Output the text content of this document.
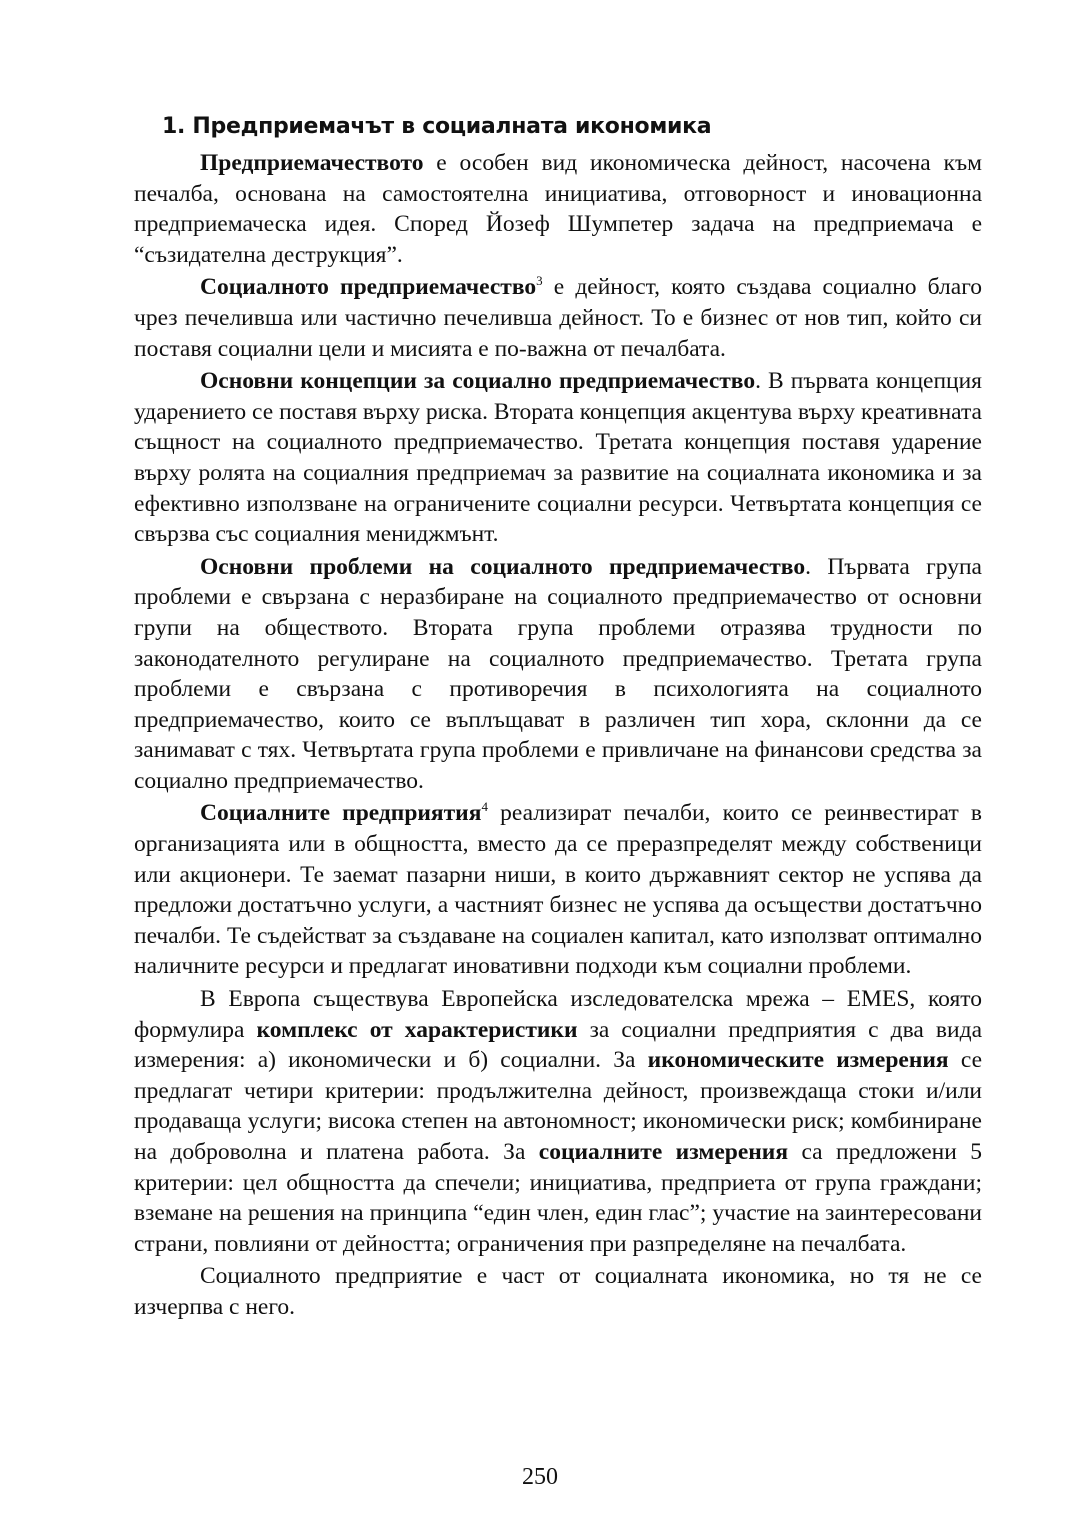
1. Предприемачът в социалната икономика

Предприемачеството е особен вид икономическа дейност, насочена към печалба, основана на самостоятелна инициатива, отговорност и иновационна предприемаческа идея. Според Йозеф Шумпетер задача на предприемача е “съзидателна деструкция”.

Социалното предприемачество$^3$ е дейност, която създава социално благо чрез печеливша или частично печеливша дейност. То е бизнес от нов тип, който си поставя социални цели и мисията е по-важна от печалбата.

Основни концепции за социално предприемачество. В първата концепция ударението се поставя върху риска. Втората концепция акцентува върху креативната същност на социалното предприемачество. Третата концепция поставя ударение върху ролята на социалния предприемач за развитие на социалната икономика и за ефективно използване на ограничените социални ресурси. Четвъртата концепция се свързва със социалния мениджмънт.

Основни проблеми на социалното предприемачество. Първата група проблеми е свързана с неразбиране на социалното предприемачество от основни групи на обществото. Втората група проблеми отразява трудности по законодателното регулиране на социалното предприемачество. Третата група проблеми е свързана с противоречия в психологията на социалното предприемачество, които се въплъщават в различен тип хора, склонни да се занимават с тях. Четвъртата група проблеми е привличане на финансови средства за социално предприемачество.

Социалните предприятия$^4$ реализират печалби, които се реинвестират в организацията или в общността, вместо да се преразпределят между собственици или акционери. Те заемат пазарни ниши, в които държавният сектор не успява да предложи достатъчно услуги, а частният бизнес не успява да осъществи достатъчно печалби. Те съдействат за създаване на социален капитал, като използват оптимално наличните ресурси и предлагат иновативни подходи към социални проблеми.

В Европа съществува Европейска изследователска мрежа – EMES, която формулира комплекс от характеристики за социални предприятия с два вида измерения: а) икономически и б) социални. За икономическите измерения се предлагат четири критерии: продължителна дейност, произвеждаща стоки и/или продаваща услуги; висока степен на автономност; икономически риск; комбиниране на доброволна и платена работа. За социалните измерения са предложени 5 критерии: цел общността да спечели; инициатива, предприета от група граждани; вземане на решения на принципа “един член, един глас”; участие на заинтересовани страни, повлияни от дейността; ограничения при разпределяне на печалбата.

Социалното предприятие е част от социалната икономика, но тя не се изчерпва с него.

250
